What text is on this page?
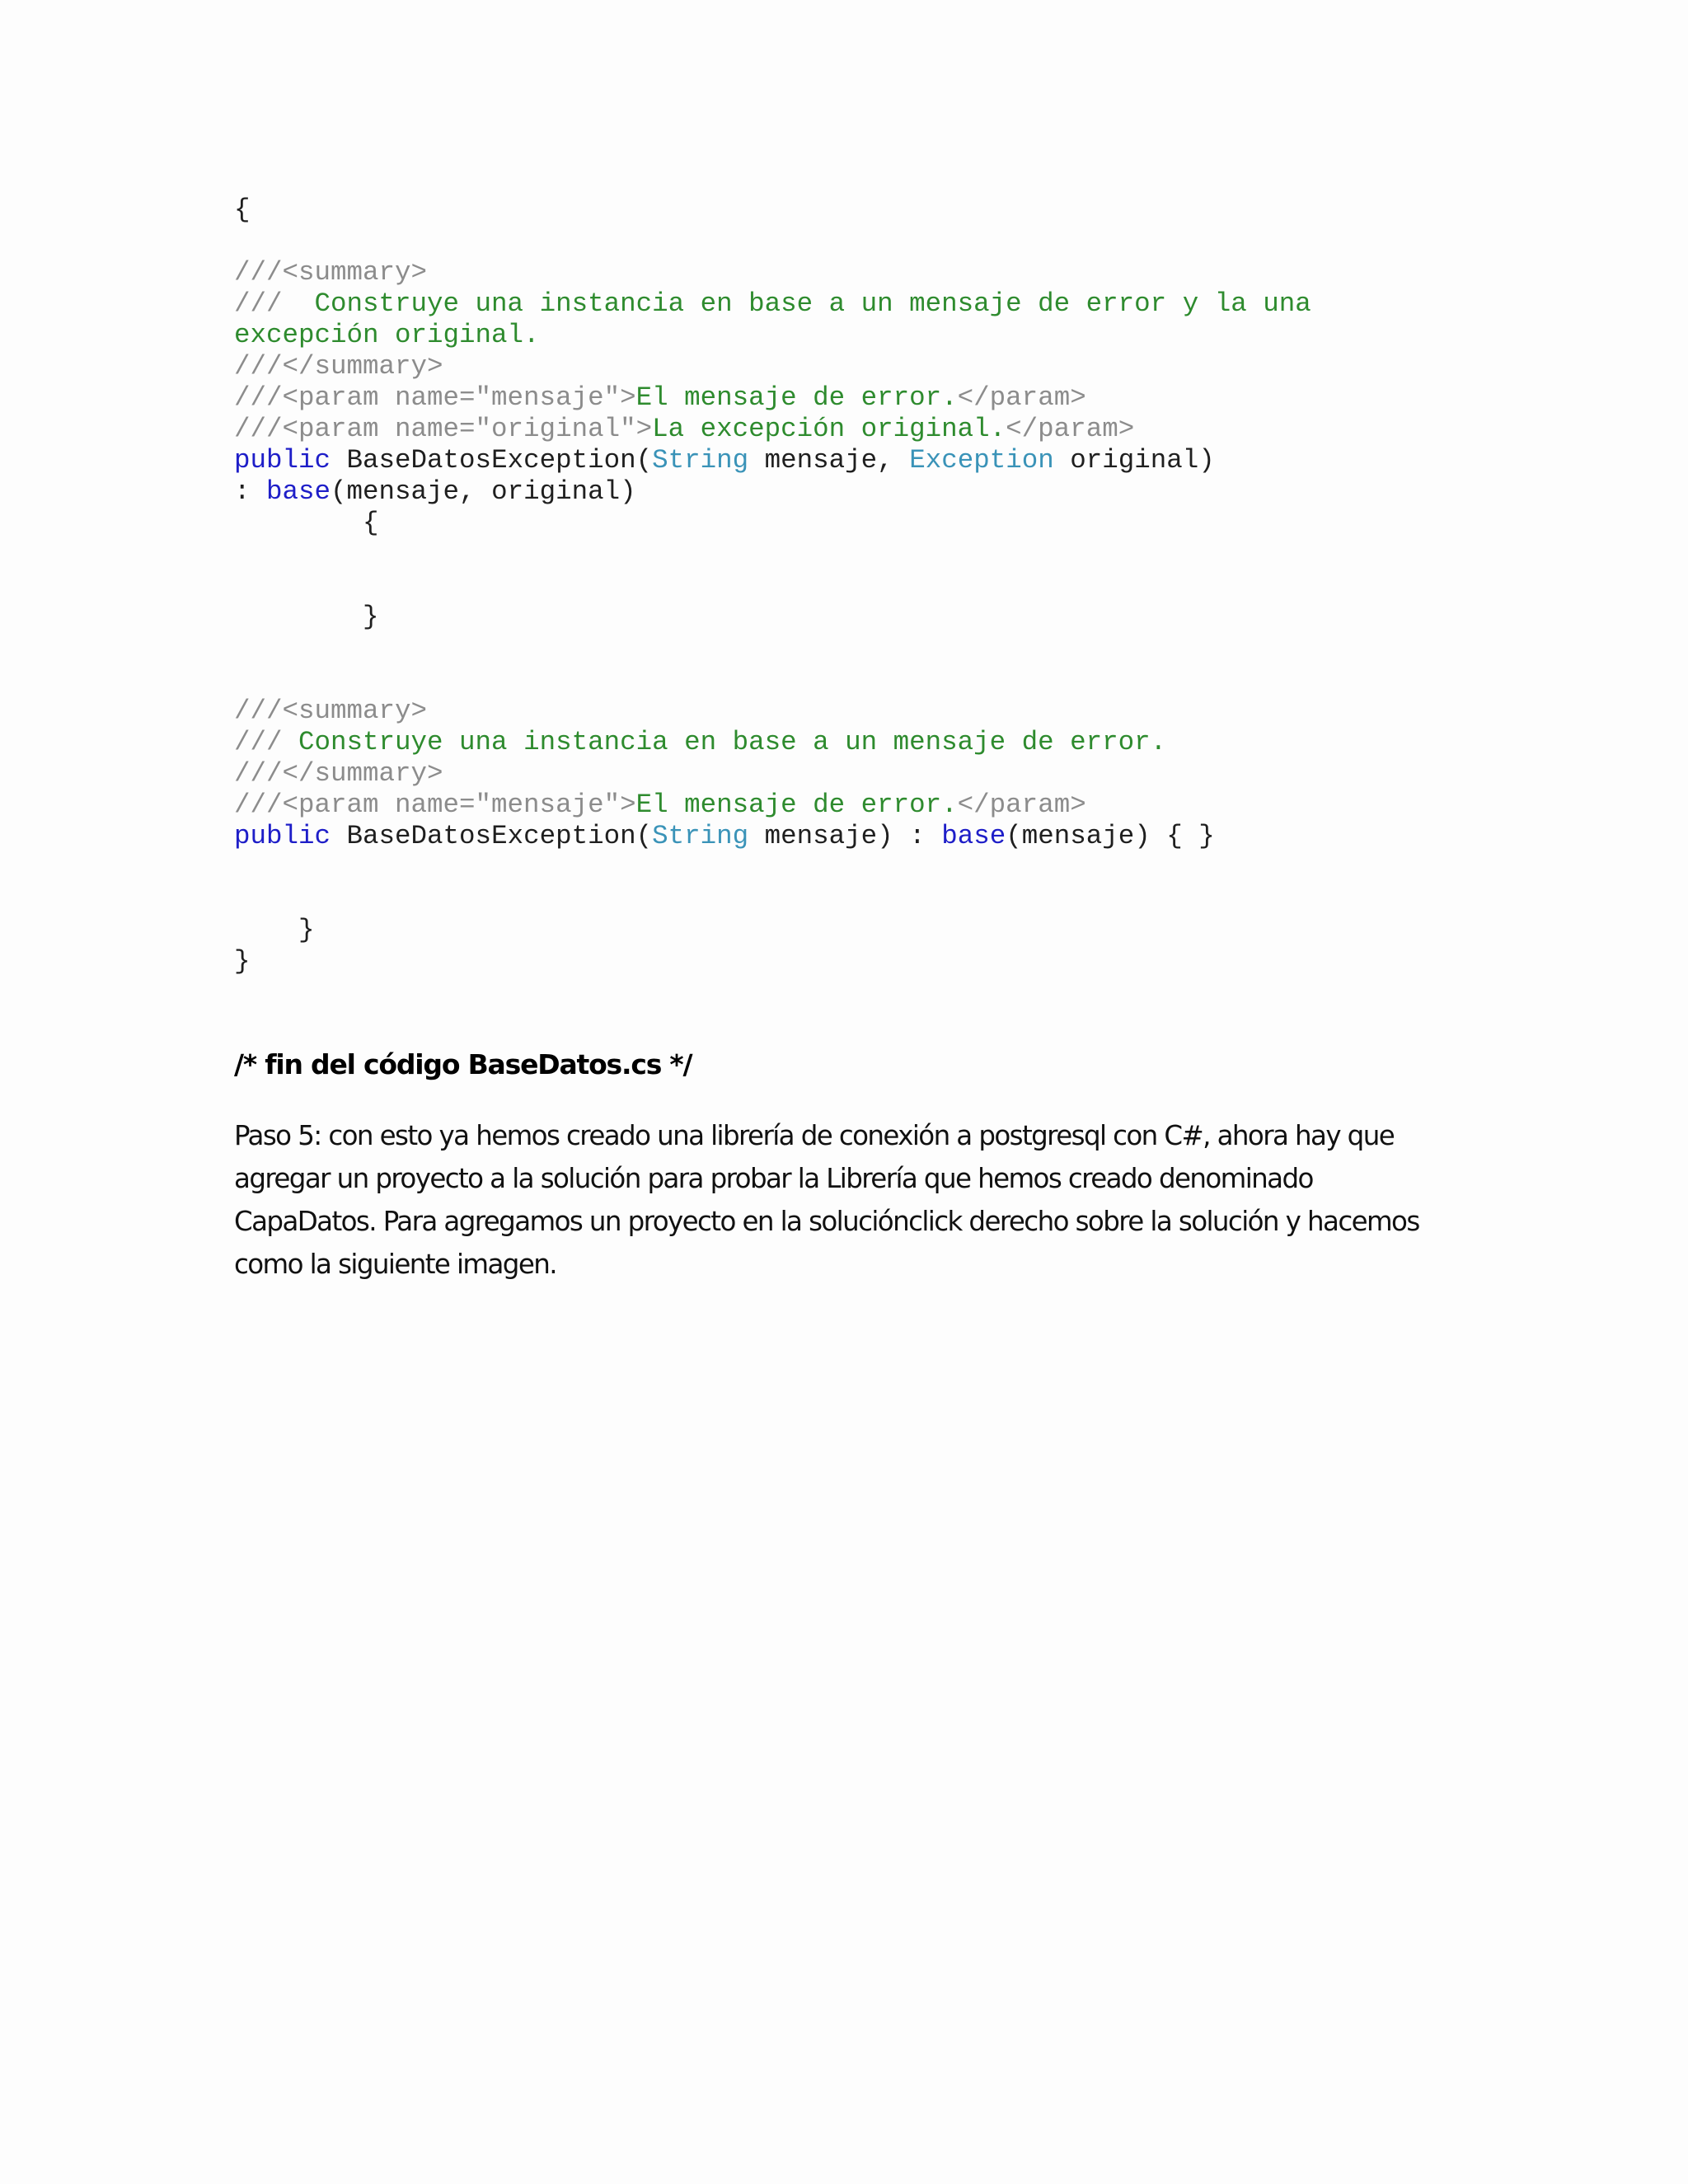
{
///<summary>
///  Construye una instancia en base a un mensaje de error y la una
excepción original.
///</summary>
///<param name="mensaje">El mensaje de error.</param>
///<param name="original">La excepción original.</param>
public BaseDatosException(String mensaje, Exception original)
: base(mensaje, original)
{
}
///<summary>
/// Construye una instancia en base a un mensaje de error.
///</summary>
///<param name="mensaje">El mensaje de error.</param>
public BaseDatosException(String mensaje) : base(mensaje) { }
}
}
/* fin del código BaseDatos.cs */
Paso 5: con esto ya hemos creado una librería de conexión a postgresql con C#, ahora hay que
agregar un proyecto a la solución para probar la Librería que hemos creado denominado
CapaDatos. Para agregamos un proyecto en la soluciónclick derecho sobre la solución y hacemos
como la siguiente imagen.
